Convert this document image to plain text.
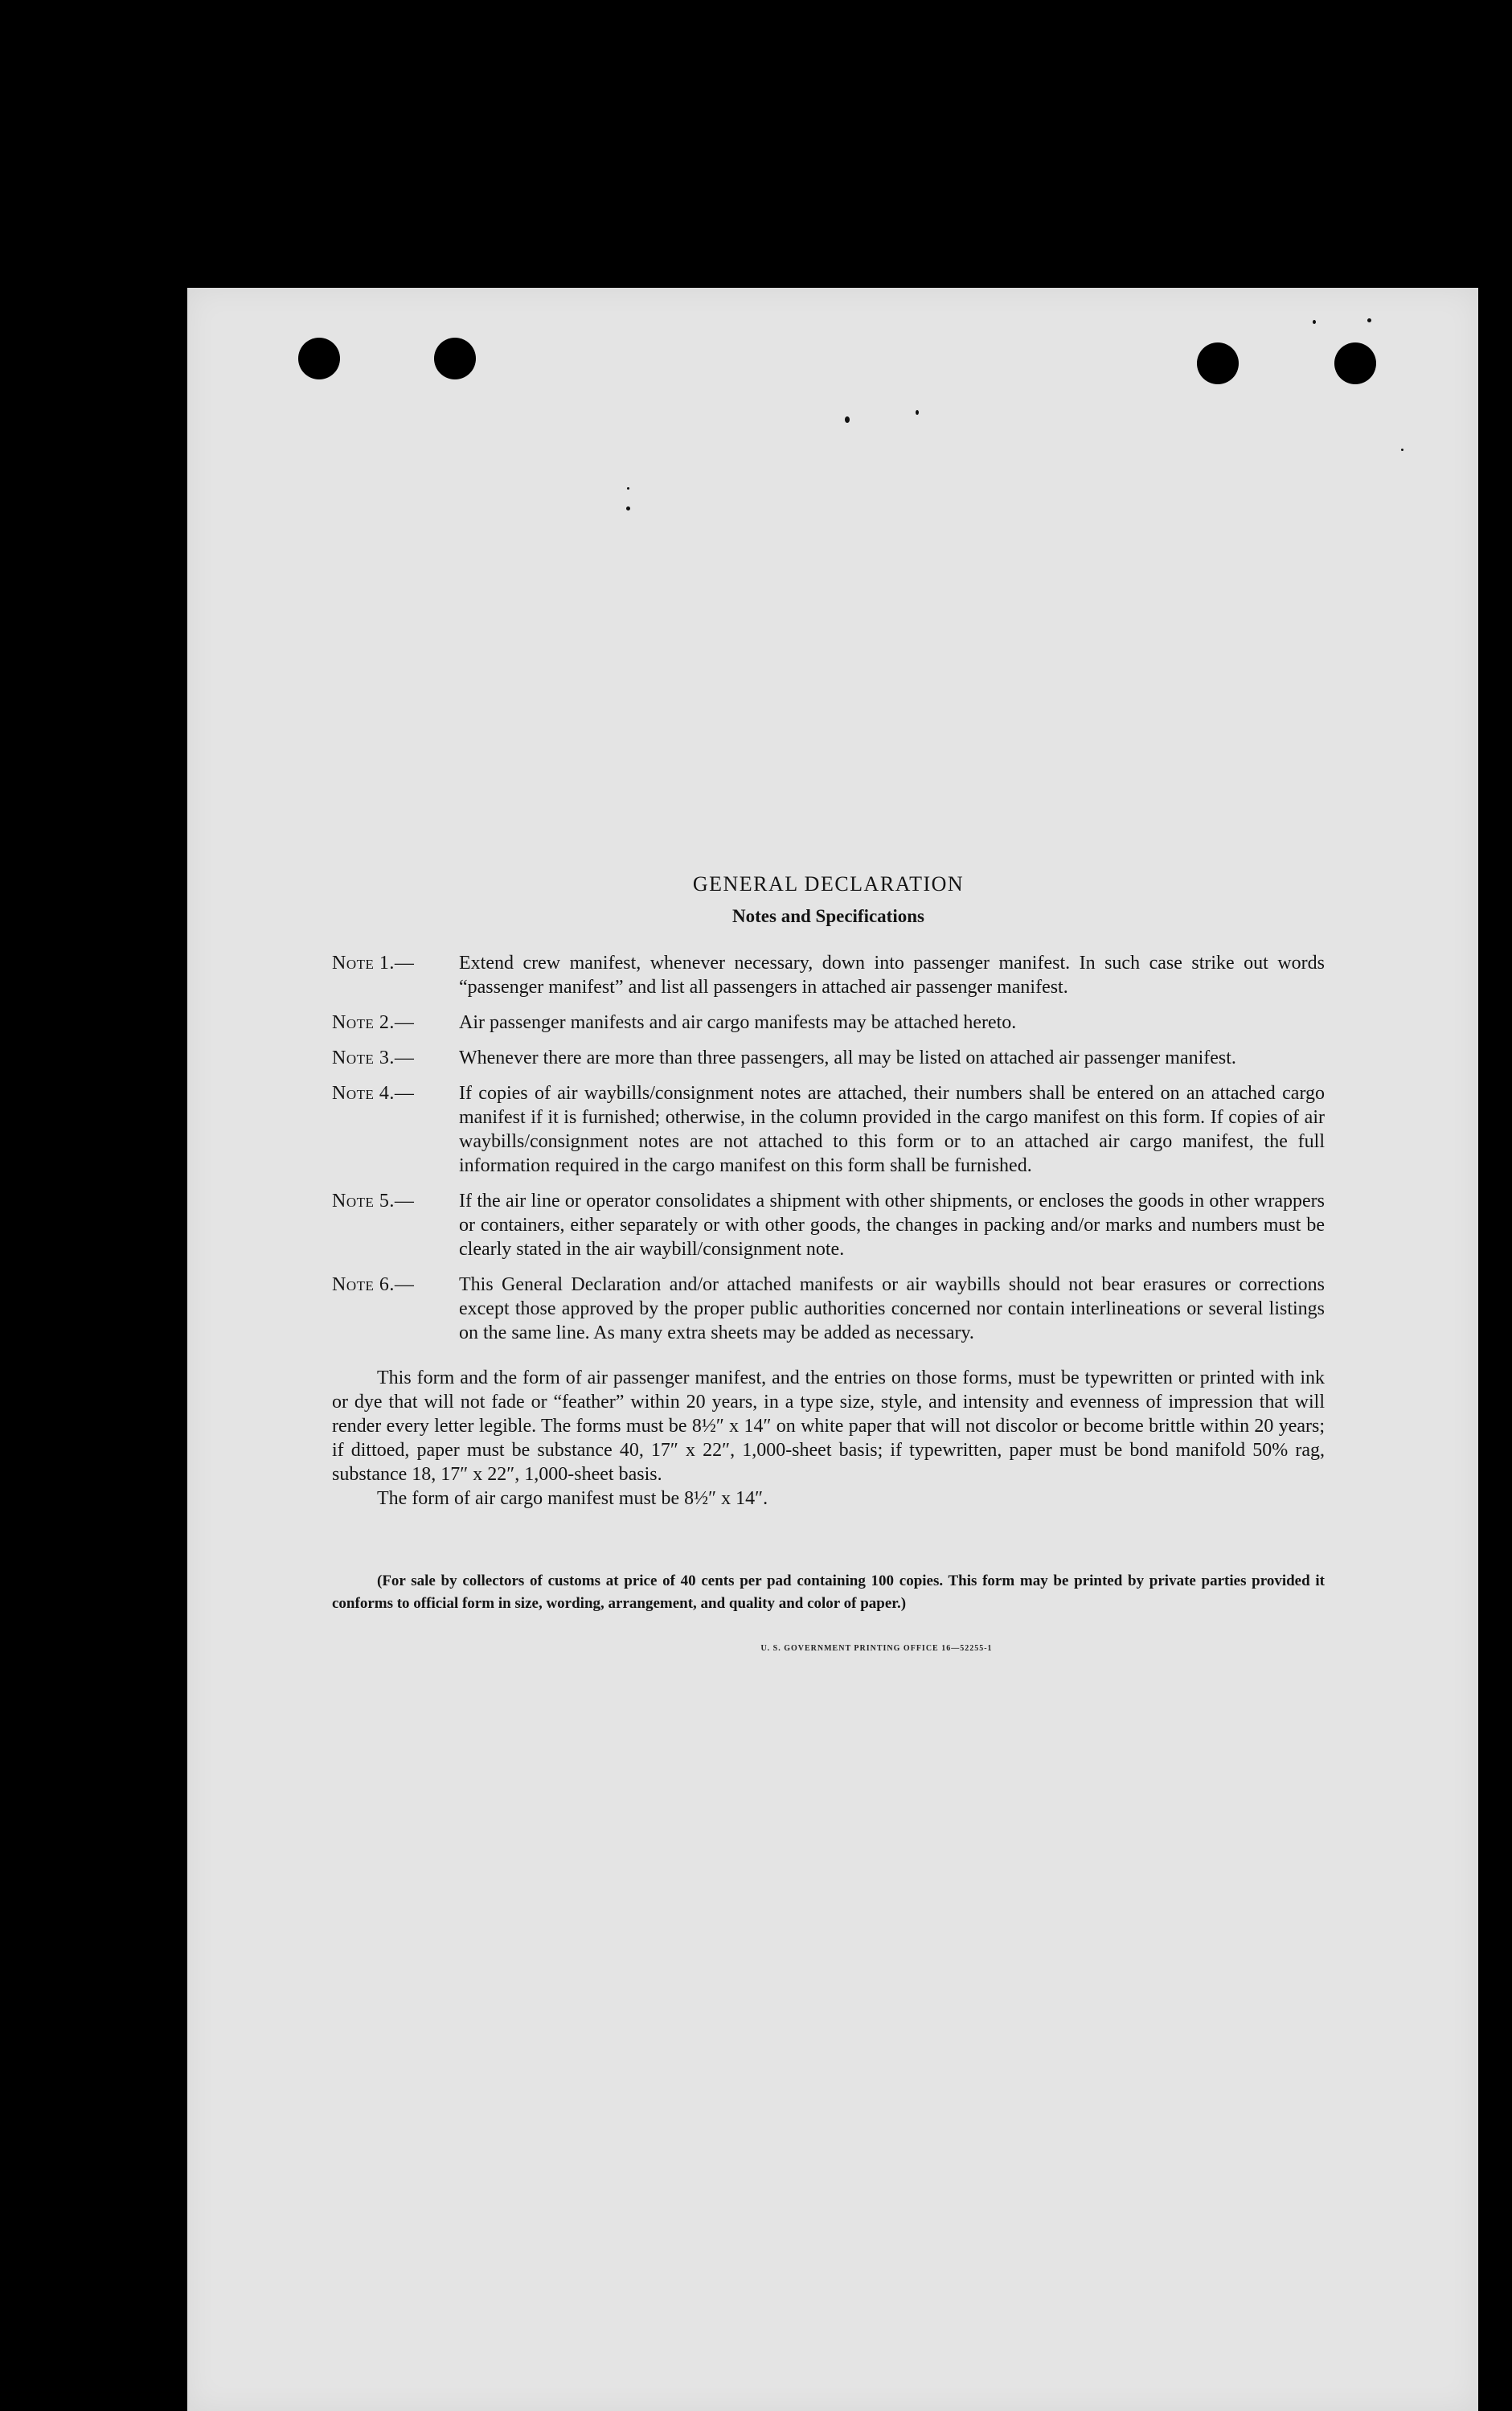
GENERAL DECLARATION
Notes and Specifications
Note 1.— Extend crew manifest, whenever necessary, down into passenger manifest. In such case strike out words “passenger manifest” and list all passengers in attached air passenger manifest.
Note 2.— Air passenger manifests and air cargo manifests may be attached hereto.
Note 3.— Whenever there are more than three passengers, all may be listed on attached air passenger manifest.
Note 4.— If copies of air waybills/consignment notes are attached, their numbers shall be entered on an attached cargo manifest if it is furnished; otherwise, in the column provided in the cargo manifest on this form. If copies of air waybills/consignment notes are not attached to this form or to an attached air cargo manifest, the full information required in the cargo manifest on this form shall be furnished.
Note 5.— If the air line or operator consolidates a shipment with other shipments, or encloses the goods in other wrappers or containers, either separately or with other goods, the changes in packing and/or marks and numbers must be clearly stated in the air waybill/consignment note.
Note 6.— This General Declaration and/or attached manifests or air waybills should not bear erasures or corrections except those approved by the proper public authorities concerned nor contain interlineations or several listings on the same line. As many extra sheets may be added as necessary.

This form and the form of air passenger manifest, and the entries on those forms, must be typewritten or printed with ink or dye that will not fade or “feather” within 20 years, in a type size, style, and intensity and evenness of impression that will render every letter legible. The forms must be 8½″ x 14″ on white paper that will not discolor or become brittle within 20 years; if dittoed, paper must be substance 40, 17″ x 22″, 1,000-sheet basis; if typewritten, paper must be bond manifold 50% rag, substance 18, 17″ x 22″, 1,000-sheet basis.

The form of air cargo manifest must be 8½″ x 14″.

(For sale by collectors of customs at price of 40 cents per pad containing 100 copies. This form may be printed by private parties provided it conforms to official form in size, wording, arrangement, and quality and color of paper.)

U. S. GOVERNMENT PRINTING OFFICE 16—52255-1
